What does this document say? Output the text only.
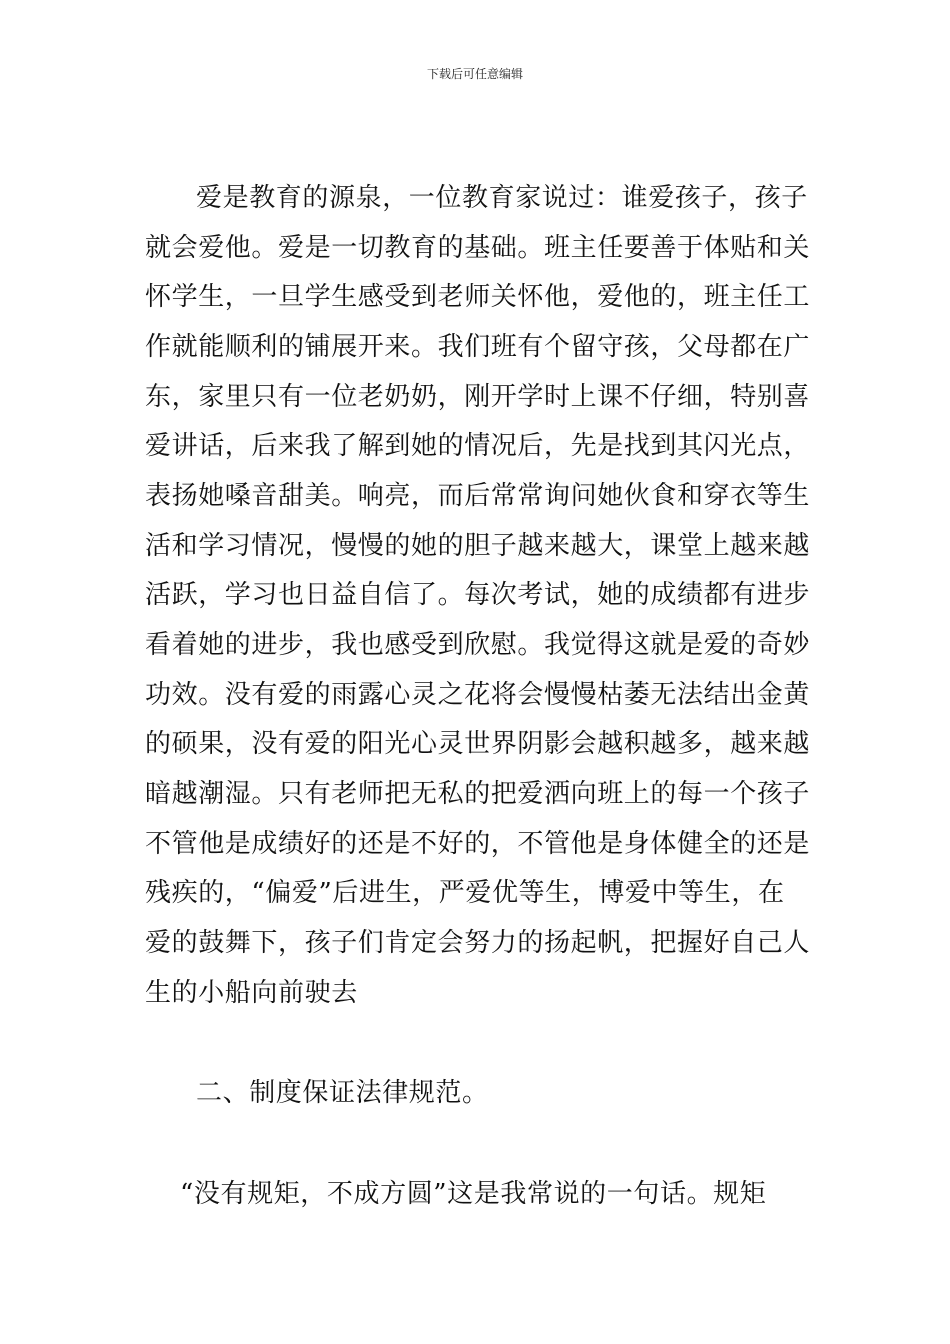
下载后可任意编辑
爱是教育的源泉，一位教育家说过：谁爱孩子，孩子
就会爱他。爱是一切教育的基础。班主任要善于体贴和关
怀学生，一旦学生感受到老师关怀他，爱他的，班主任工
作就能顺利的铺展开来。我们班有个留守孩，父母都在广
东，家里只有一位老奶奶，刚开学时上课不仔细，特别喜
爱讲话，后来我了解到她的情况后，先是找到其闪光点，
表扬她嗓音甜美。响亮，而后常常询问她伙食和穿衣等生
活和学习情况，慢慢的她的胆子越来越大，课堂上越来越
活跃，学习也日益自信了。每次考试，她的成绩都有进步
看着她的进步，我也感受到欣慰。我觉得这就是爱的奇妙
功效。没有爱的雨露心灵之花将会慢慢枯萎无法结出金黄
的硕果，没有爱的阳光心灵世界阴影会越积越多，越来越
暗越潮湿。只有老师把无私的把爱洒向班上的每一个孩子
不管他是成绩好的还是不好的，不管他是身体健全的还是
残疾的，“偏爱”后进生，严爱优等生，博爱中等生，在
爱的鼓舞下，孩子们肯定会努力的扬起帆，把握好自己人
生的小船向前驶去
二、制度保证法律规范。
“没有规矩，不成方圆”这是我常说的一句话。规矩
